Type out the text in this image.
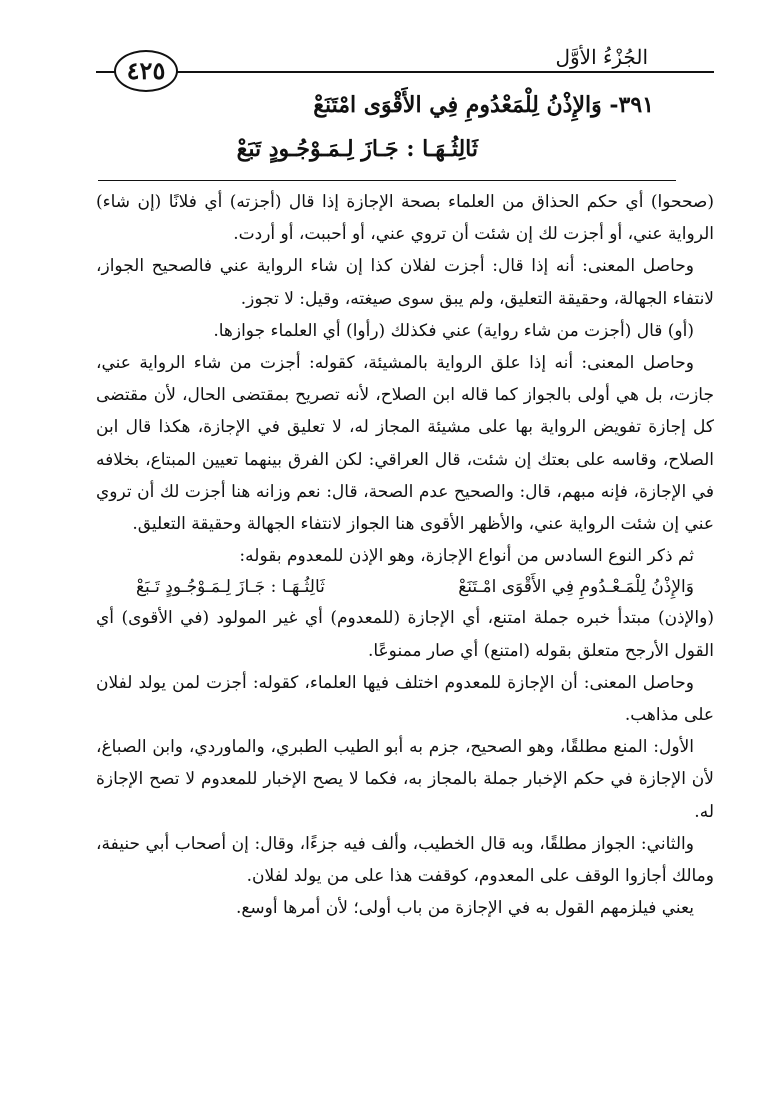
٤٢٥	الجُزْءُ الأوَّل
٣٩١- وَالإِذْنُ لِلْمَعْدُومِ فِي الأَقْوَى امْتَنَعْ
ثَالِثُـهَـا : جَـازَ لِـمَـوْجُـودٍ تَبَعْ

(صححوا) أي حكم الحذاق من العلماء بصحة الإجازة إذا قال (أجزته) أي فلانًا (إن شاء) الرواية عني، أو أجزت لك إن شئت أن تروي عني، أو أحببت، أو أردت.

وحاصل المعنى: أنه إذا قال: أجزت لفلان كذا إن شاء الرواية عني فالصحيح الجواز، لانتفاء الجهالة، وحقيقة التعليق، ولم يبق سوى صيغته، وقيل: لا تجوز.

(أو) قال (أجزت من شاء رواية) عني فكذلك (رأوا) أي العلماء جوازها.

وحاصل المعنى: أنه إذا علق الرواية بالمشيئة، كقوله: أجزت من شاء الرواية عني، جازت، بل هي أولى بالجواز كما قاله ابن الصلاح، لأنه تصريح بمقتضى الحال، لأن مقتضى كل إجازة تفويض الرواية بها على مشيئة المجاز له، لا تعليق في الإجازة، هكذا قال ابن الصلاح، وقاسه على بعتك إن شئت، قال العراقي: لكن الفرق بينهما تعيين المبتاع، بخلافه في الإجازة، فإنه مبهم، قال: والصحيح عدم الصحة، قال: نعم وزانه هنا أجزت لك أن تروي عني إن شئت الرواية عني، والأظهر الأقوى هنا الجواز لانتفاء الجهالة وحقيقة التعليق.

ثم ذكر النوع السادس من أنواع الإجازة، وهو الإذن للمعدوم بقوله:

وَالإِذْنُ لِلْمَـعْـدُومِ فِي الأَقْوَى امْـتَنَعْ
ثَالِثُـهَـا : جَـازَ لِـمَـوْجُـودٍ تَـبَعْ

(والإذن) مبتدأ خبره جملة امتنع، أي الإجازة (للمعدوم) أي غير المولود (في الأقوى) أي القول الأرجح متعلق بقوله (امتنع) أي صار ممنوعًا.

وحاصل المعنى: أن الإجازة للمعدوم اختلف فيها العلماء، كقوله: أجزت لمن يولد لفلان على مذاهب.

الأول: المنع مطلقًا، وهو الصحيح، جزم به أبو الطيب الطبري، والماوردي، وابن الصباغ، لأن الإجازة في حكم الإخبار جملة بالمجاز به، فكما لا يصح الإخبار للمعدوم لا تصح الإجازة له.

والثاني: الجواز مطلقًا، وبه قال الخطيب، وألف فيه جزءًا، وقال: إن أصحاب أبي حنيفة، ومالك أجازوا الوقف على المعدوم، كوقفت هذا على من يولد لفلان.

يعني فيلزمهم القول به في الإجازة من باب أولى؛ لأن أمرها أوسع.
